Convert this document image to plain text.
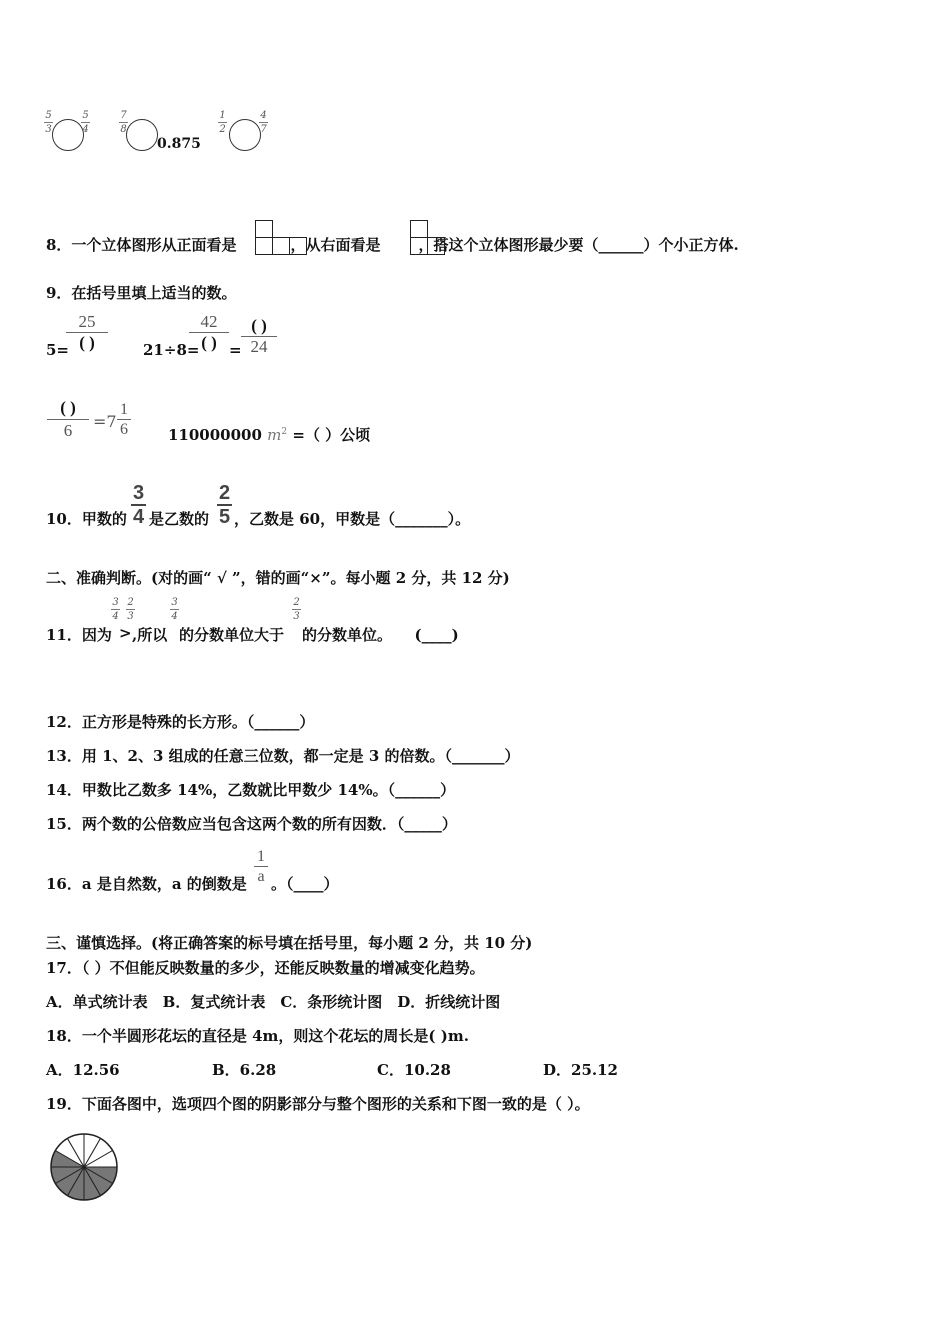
5
3
5
4
7
8
0.875
1
2
4
7
8．一个立体图形从正面看是	，从右面看是	，搭这个立体图形最少要（______）个小正方体.
9．在括号里填上适当的数。
5=
25
( )	21÷8=
42
( ) =
( )
24
( )
6	=7
1
6	110000000 $m^2$ =（ ）公顷
10．甲数的
3
4 是乙数的
2
5 ，乙数是 60，甲数是（_______）。
二、准确判断。(对的画“ √ ”，错的画“×”。每小题 2 分，共 12 分)
11．因为
3
4
>
2
3
,所以
3
4
的分数单位大于
2
3
的分数单位。　　(____)
12．正方形是特殊的长方形。（______）
13．用 1、2、3 组成的任意三位数，都一定是 3 的倍数。（_______）
14．甲数比乙数多 14%，乙数就比甲数少 14%。（______）
15．两个数的公倍数应当包含这两个数的所有因数．（_____）
16．a 是自然数，a 的倒数是
1
a 。（____）
三、谨慎选择。(将正确答案的标号填在括号里，每小题 2 分，共 10 分)
17．（ ）不但能反映数量的多少，还能反映数量的增减变化趋势。
A．单式统计表　B．复式统计表　C．条形统计图　D．折线统计图
18．一个半圆形花坛的直径是 4m，则这个花坛的周长是( )m.
A．12.56	B．6.28	C．10.28	D．25.12
19．下面各图中，选项四个图的阴影部分与整个图形的关系和下图一致的是（ ）。
